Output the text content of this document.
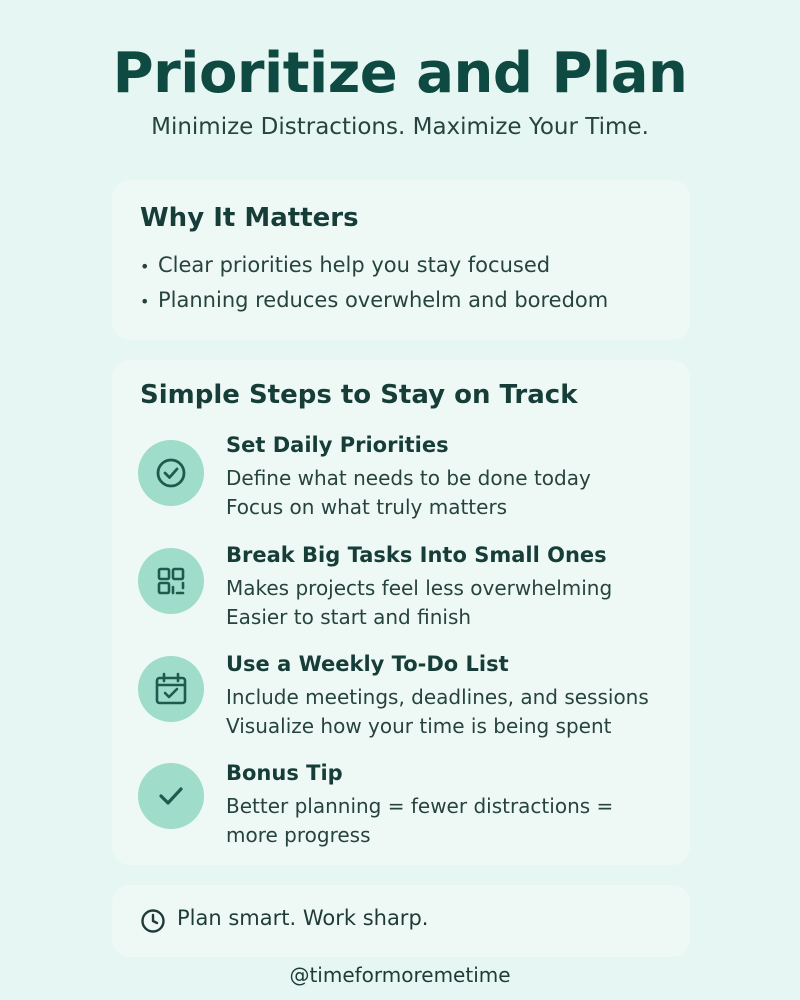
Prioritize and Plan
Minimize Distractions. Maximize Your Time.
Why It Matters
• Clear priorities help you stay focused
• Planning reduces overwhelm and boredom
Simple Steps to Stay on Track
Set Daily Priorities
Define what needs to be done today
Focus on what truly matters
Break Big Tasks Into Small Ones
Makes projects feel less overwhelming
Easier to start and finish
Use a Weekly To-Do List
Include meetings, deadlines, and sessions
Visualize how your time is being spent
Bonus Tip
Better planning = fewer distractions =
more progress
Plan smart. Work sharp.
@timeformoremetime
